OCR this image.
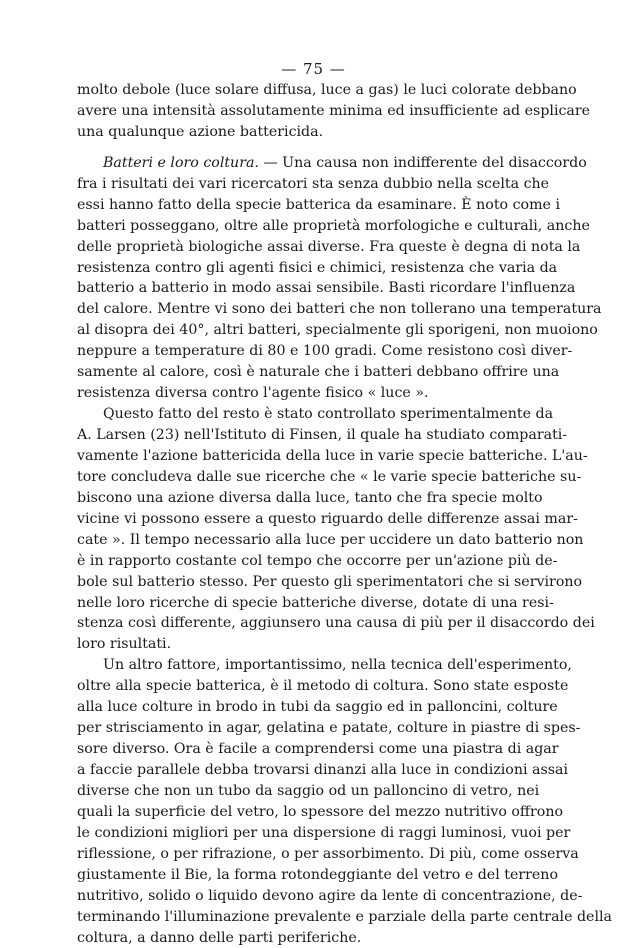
— 75 —
molto debole (luce solare diffusa, luce a gas) le luci colorate debbano
avere una intensità assolutamente minima ed insufficiente ad esplicare
una qualunque azione battericida.
Batteri e loro coltura. — Una causa non indifferente del disaccordo
fra i risultati dei vari ricercatori sta senza dubbio nella scelta che
essi hanno fatto della specie batterica da esaminare. È noto come i
batteri posseggano, oltre alle proprietà morfologiche e culturali, anche
delle proprietà biologiche assai diverse. Fra queste è degna di nota la
resistenza contro gli agenti fisici e chimici, resistenza che varia da
batterio a batterio in modo assai sensibile. Basti ricordare l'influenza
del calore. Mentre vi sono dei batteri che non tollerano una temperatura
al disopra dei 40°, altri batteri, specialmente gli sporigeni, non muoiono
neppure a temperature di 80 e 100 gradi. Come resistono così diver-
samente al calore, così è naturale che i batteri debbano offrire una
resistenza diversa contro l'agente fisico « luce ».
Questo fatto del resto è stato controllato sperimentalmente da
A. Larsen (23) nell'Istituto di Finsen, il quale ha studiato comparati-
vamente l'azione battericida della luce in varie specie batteriche. L'au-
tore concludeva dalle sue ricerche che « le varie specie batteriche su-
biscono una azione diversa dalla luce, tanto che fra specie molto
vicine vi possono essere a questo riguardo delle differenze assai mar-
cate ». Il tempo necessario alla luce per uccidere un dato batterio non
è in rapporto costante col tempo che occorre per un'azione più de-
bole sul batterio stesso. Per questo gli sperimentatori che si servirono
nelle loro ricerche di specie batteriche diverse, dotate di una resi-
stenza così differente, aggiunsero una causa di più per il disaccordo dei
loro risultati.
Un altro fattore, importantissimo, nella tecnica dell'esperimento,
oltre alla specie batterica, è il metodo di coltura. Sono state esposte
alla luce colture in brodo in tubi da saggio ed in palloncini, colture
per strisciamento in agar, gelatina e patate, colture in piastre di spes-
sore diverso. Ora è facile a comprendersi come una piastra di agar
a faccie parallele debba trovarsi dinanzi alla luce in condizioni assai
diverse che non un tubo da saggio od un palloncino di vetro, nei
quali la superficie del vetro, lo spessore del mezzo nutritivo offrono
le condizioni migliori per una dispersione di raggi luminosi, vuoi per
riflessione, o per rifrazione, o per assorbimento. Di più, come osserva
giustamente il Bie, la forma rotondeggiante del vetro e del terreno
nutritivo, solido o liquido devono agire da lente di concentrazione, de-
terminando l'illuminazione prevalente e parziale della parte centrale della
coltura, a danno delle parti periferiche.
